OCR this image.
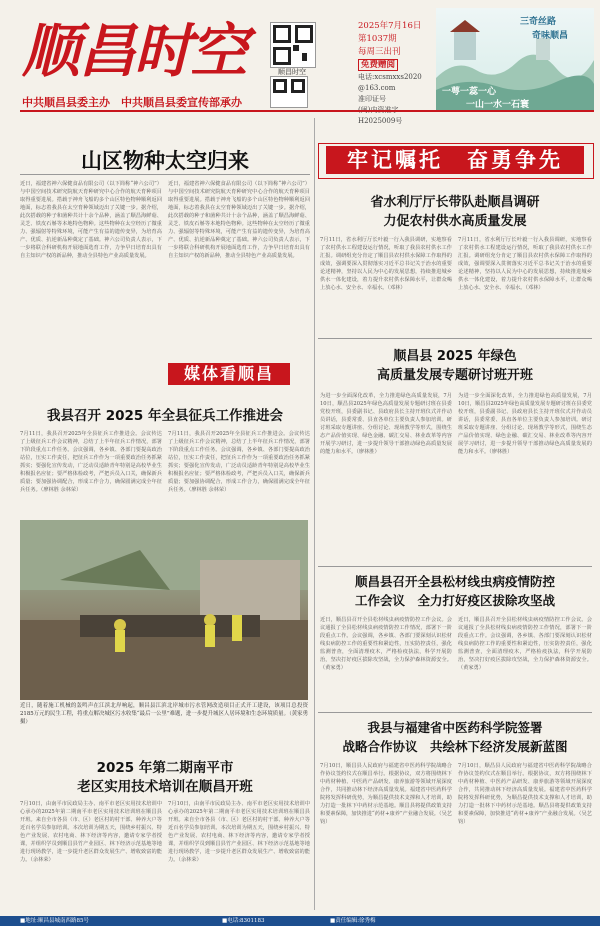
顺昌时空
中共顺昌县委主办　中共顺昌县委宣传部承办
顺昌时空
2025年7月16日
第1037期
每周三出刊
免费赠阅
电话:xcsmxxs2020
@163.com
准印证号
H2025009号
三奇丝路
奇味顺昌
一萼一蕊一心
一山一水一石寰
山区物种太空归来
近日，福建省神六保健食品有限公司（以下简称“神六公司”）与中国空间技术研究院航天育种研究中心合作的航天育种项目取得重要进展。搭载于神舟飞船的多个山区特色物种顺利返回地面，标志着我县在太空育种领域迈出了关键一步。据介绍，此次搭载的种子和菌种共计十余个品种，涵盖了顺昌海鲜菇、灵芝、铁皮石斛等本地特色物种。这些物种在太空经历了微重力、强辐射等特殊环境，可能产生有益的遗传变异，为培育高产、优质、抗逆新品种奠定了基础。神六公司负责人表示，下一步将联合科研机构开展地面选育工作，力争早日培育出具有自主知识产权的新品种，推动全县特色产业高质量发展。
近日，福建省神六保健食品有限公司（以下简称“神六公司”）与中国空间技术研究院航天育种研究中心合作的航天育种项目取得重要进展。搭载于神舟飞船的多个山区特色物种顺利返回地面，标志着我县在太空育种领域迈出了关键一步。据介绍，此次搭载的种子和菌种共计十余个品种，涵盖了顺昌海鲜菇、灵芝、铁皮石斛等本地特色物种。这些物种在太空经历了微重力、强辐射等特殊环境，可能产生有益的遗传变异，为培育高产、优质、抗逆新品种奠定了基础。神六公司负责人表示，下一步将联合科研机构开展地面选育工作，力争早日培育出具有自主知识产权的新品种，推动全县特色产业高质量发展。
媒体看顺昌
我县召开 2025 年全县征兵工作推进会
7月11日，我县召开2025年全县征兵工作推进会。会议传达了上级征兵工作会议精神，总结了上半年征兵工作情况，部署下阶段重点工作任务。会议强调，各乡镇、各部门要提高政治站位，压实工作责任，把征兵工作作为一项重要政治任务抓紧抓实；要强化宣传发动，广泛动员适龄青年特别是高校毕业生积极报名应征；要严格体检政考，严把兵员入口关，确保新兵质量；要加强协调配合，形成工作合力，确保圆满完成全年征兵任务。（廖林胜 余林荣）
7月11日，我县召开2025年全县征兵工作推进会。会议传达了上级征兵工作会议精神，总结了上半年征兵工作情况，部署下阶段重点工作任务。会议强调，各乡镇、各部门要提高政治站位，压实工作责任，把征兵工作作为一项重要政治任务抓紧抓实；要强化宣传发动，广泛动员适龄青年特别是高校毕业生积极报名应征；要严格体检政考，严把兵员入口关，确保新兵质量；要加强协调配合，形成工作合力，确保圆满完成全年征兵任务。（廖林胜 余林荣）
近日，随着施工机械的轰鸣声在江滨北岸响起，顺昌县江滨北岸城市污水管网改造项目正式开工建设，该项目总投资2185万元的民生工程，将重点解决城区污水收集“最后一公里”难题，进一步提升城区人居环境和生态环境质量。（黄家勇 摄）
2025 年第二期南平市
老区实用技术培训在顺昌开班
7月10日，由南平市民政局主办、南平市老区实用技术培训中心承办的2025年第二期南平市老区实用技术培训班在顺昌县开班。来自全市各县（市、区）老区村的村干部、种养大户等近百名学员参加培训。本次培训为期五天，围绕乡村振兴、特色产业发展、农村电商、林下经济等内容，邀请专家学者授课，并组织学员到顺昌县竹产业园区、林下经济示范基地等地进行现场教学，进一步提升老区群众发展生产、增收致富的能力。（余林荣）
7月10日，由南平市民政局主办、南平市老区实用技术培训中心承办的2025年第二期南平市老区实用技术培训班在顺昌县开班。来自全市各县（市、区）老区村的村干部、种养大户等近百名学员参加培训。本次培训为期五天，围绕乡村振兴、特色产业发展、农村电商、林下经济等内容，邀请专家学者授课，并组织学员到顺昌县竹产业园区、林下经济示范基地等地进行现场教学，进一步提升老区群众发展生产、增收致富的能力。（余林荣）
牢记嘱托　奋勇争先
省水利厅厅长带队赴顺昌调研
力促农村供水高质量发展
7月11日，省水利厅厅长叶毅一行入我县调研，实地察看了农村供水工程建设运行情况，听取了我县农村供水工作汇报。调研组充分肯定了顺昌县农村供水保障工作取得的成效，强调要深入贯彻落实习近平总书记关于治水的重要论述精神，坚持以人民为中心的发展思想，持续推进城乡供水一体化建设，着力提升农村供水保障水平，让群众喝上放心水、安全水、幸福水。（邓林）
7月11日，省水利厅厅长叶毅一行入我县调研，实地察看了农村供水工程建设运行情况，听取了我县农村供水工作汇报。调研组充分肯定了顺昌县农村供水保障工作取得的成效，强调要深入贯彻落实习近平总书记关于治水的重要论述精神，坚持以人民为中心的发展思想，持续推进城乡供水一体化建设，着力提升农村供水保障水平，让群众喝上放心水、安全水、幸福水。（邓林）
顺昌县 2025 年绿色
高质量发展专题研讨班开班
为进一步全面深化改革，全力推进绿色高质量发展，7月10日，顺昌县2025年绿色高质量发展专题研讨班在县委党校开班，县委副书记、县政府县长主持开班仪式并作动员讲话，县委常委、县直各单位主要负责人参加培训。研讨班采取专题讲座、分组讨论、现场教学等形式，围绕生态产品价值实现、绿色金融、碳汇交易、林业改革等内容开展学习研讨，进一步提升领导干部推动绿色高质量发展的能力和水平。（廖林胜）
为进一步全面深化改革，全力推进绿色高质量发展，7月10日，顺昌县2025年绿色高质量发展专题研讨班在县委党校开班，县委副书记、县政府县长主持开班仪式并作动员讲话，县委常委、县直各单位主要负责人参加培训。研讨班采取专题讲座、分组讨论、现场教学等形式，围绕生态产品价值实现、绿色金融、碳汇交易、林业改革等内容开展学习研讨，进一步提升领导干部推动绿色高质量发展的能力和水平。（廖林胜）
顺昌县召开全县松材线虫病疫情防控
工作会议　全力打好疫区拔除攻坚战
近日，顺昌县召开全县松材线虫病疫情防控工作会议。会议通报了全县松材线虫病疫情防控工作情况，部署下一阶段重点工作。会议强调，各乡镇、各部门要深刻认识松材线虫病防控工作的重要性和紧迫性，压实防控责任，强化监测普查，全面清理疫木，严格检疫执法，科学开展防治，坚决打好疫区拔除攻坚战，全力保护森林资源安全。（黄家勇）
近日，顺昌县召开全县松材线虫病疫情防控工作会议。会议通报了全县松材线虫病疫情防控工作情况，部署下一阶段重点工作。会议强调，各乡镇、各部门要深刻认识松材线虫病防控工作的重要性和紧迫性，压实防控责任，强化监测普查，全面清理疫木，严格检疫执法，科学开展防治，坚决打好疫区拔除攻坚战，全力保护森林资源安全。（黄家勇）
我县与福建省中医药科学院签署
战略合作协议　共绘林下经济发展新蓝图
7月10日，顺昌县人民政府与福建省中医药科学院战略合作协议签约仪式在顺昌举行。根据协议，双方将围绕林下中药材种植、中医药产品研发、康养旅游等领域开展深度合作，共同推动林下经济高质量发展。福建省中医药科学院将发挥科研优势，为顺昌提供技术支撑和人才培训，助力打造一批林下中药材示范基地。顺昌县将提供政策支持和要素保障，加快推进“药材+康养”产业融合发展。（吴艺钧）
7月10日，顺昌县人民政府与福建省中医药科学院战略合作协议签约仪式在顺昌举行。根据协议，双方将围绕林下中药材种植、中医药产品研发、康养旅游等领域开展深度合作，共同推动林下经济高质量发展。福建省中医药科学院将发挥科研优势，为顺昌提供技术支撑和人才培训，助力打造一批林下中药材示范基地。顺昌县将提供政策支持和要素保障，加快推进“药材+康养”产业融合发展。（吴艺钧）
■地址:顺昌县城南西路85号	■电话:8301183	■责任编辑:徐秀梅
